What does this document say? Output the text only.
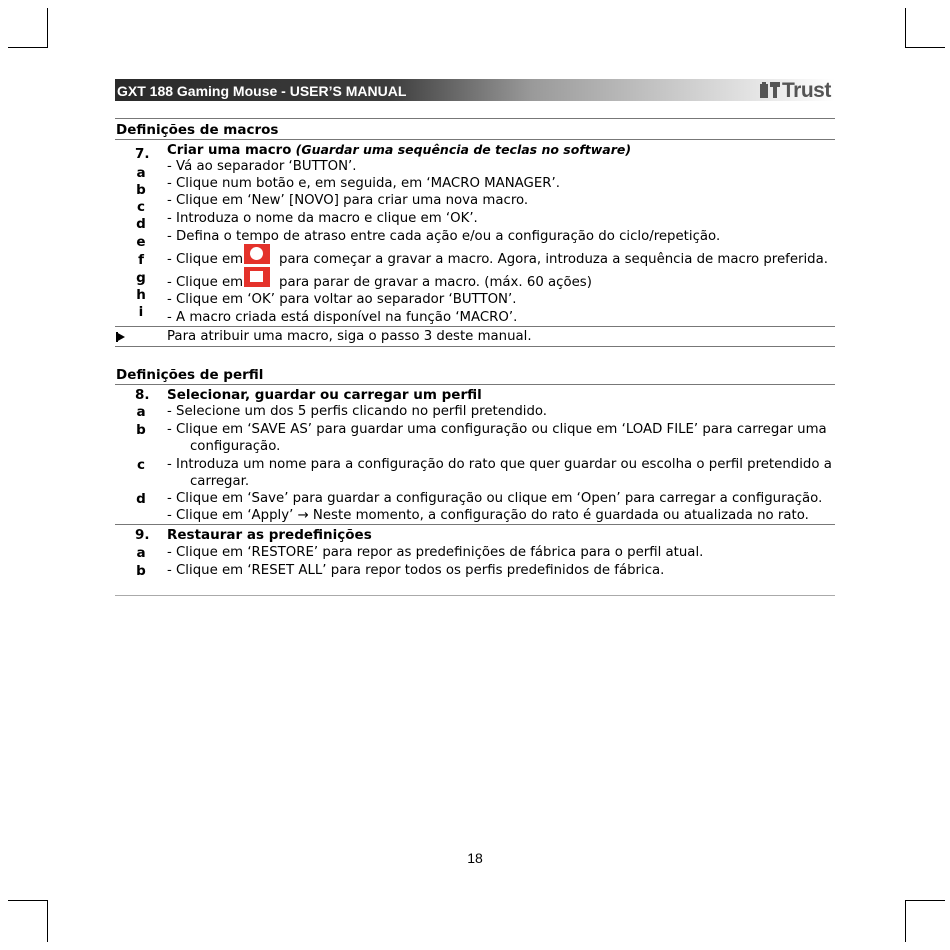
GXT 188 Gaming Mouse - USER’S MANUAL	Trust
Definições de macros
7. Criar uma macro (Guardar uma sequência de teclas no software)
a - Vá ao separador ‘BUTTON’.
b - Clique num botão e, em seguida, em ‘MACRO MANAGER’.
c	- Clique em ‘New’ [NOVO] para criar uma nova macro.
d - Introduza o nome da macro e clique em ‘OK’.
e - Defina o tempo de atraso entre cada ação e/ou a configuração do ciclo/repetição.
f	- Clique em	para começar a gravar a macro. Agora, introduza a sequência de macro preferida.
g - Clique em	para parar de gravar a macro. (máx. 60 ações)
h - Clique em ‘OK’ para voltar ao separador ‘BUTTON’.
i	- A macro criada está disponível na função ‘MACRO’.
Para atribuir uma macro, siga o passo 3 deste manual.
Definições de perfil
8. Selecionar, guardar ou carregar um perfil
a - Selecione um dos 5 perfis clicando no perfil pretendido.
b - Clique em ‘SAVE AS’ para guardar uma configuração ou clique em ‘LOAD FILE’ para carregar uma
configuração.
c	- Introduza um nome para a configuração do rato que quer guardar ou escolha o perfil pretendido a
carregar.
d - Clique em ‘Save’ para guardar a configuração ou clique em ‘Open’ para carregar a configuração.
- Clique em ‘Apply’ → Neste momento, a configuração do rato é guardada ou atualizada no rato.
9. Restaurar as predefinições
a - Clique em ‘RESTORE’ para repor as predefinições de fábrica para o perfil atual.
b - Clique em ‘RESET ALL’ para repor todos os perfis predefinidos de fábrica.
18
